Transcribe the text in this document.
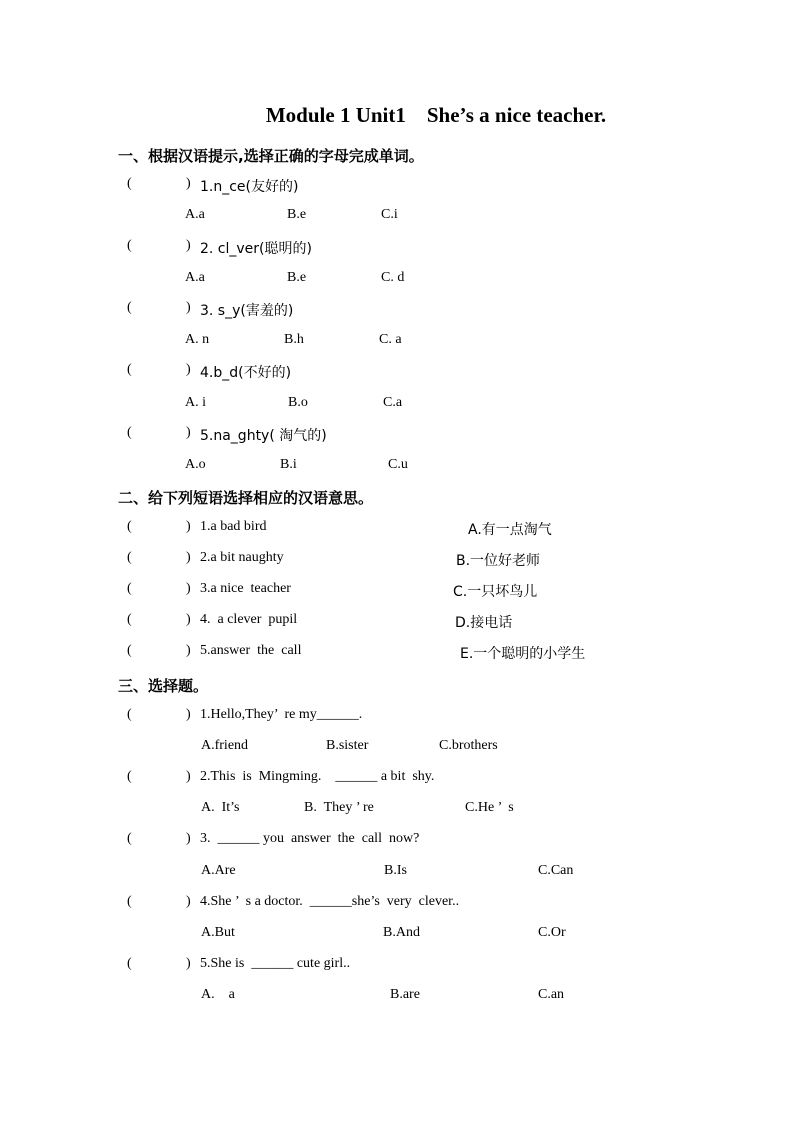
Module 1 Unit1    She’s a nice teacher.
一、根据汉语提示,选择正确的字母完成单词。
(	) 1.n_ce(友好的)
A.a	B.e	C.i
(	) 2. cl_ver(聪明的)
A.a	B.e	C. d
(	) 3. s_y(害羞的)
A. n	B.h	C. a
(	) 4.b_d(不好的)
A. i	B.o	C.a
(	) 5.na_ghty( 淘气的)
A.o	B.i	C.u
二、给下列短语选择相应的汉语意思。
(	) 1.a bad bird	A.有一点淘气
(	) 2.a bit naughty	B.一位好老师
(	) 3.a nice  teacher	C.一只坏鸟儿
(	) 4.  a clever  pupil	D.接电话
(	) 5.answer  the  call	E.一个聪明的小学生
三、选择题。
(	) 1.Hello,They’  re my______.
A.friend	B.sister	C.brothers
(	) 2.This  is  Mingming.    ______ a bit  shy.
A.  It’s	B.  They ’ re	C.He ’  s
(	) 3.  ______ you  answer  the  call  now?
A.Are	B.Is	C.Can
(	) 4.She ’  s a doctor.  ______she’s  very  clever..
A.But	B.And	C.Or
(	) 5.She is  ______ cute girl..
A.    a	B.are	C.an
